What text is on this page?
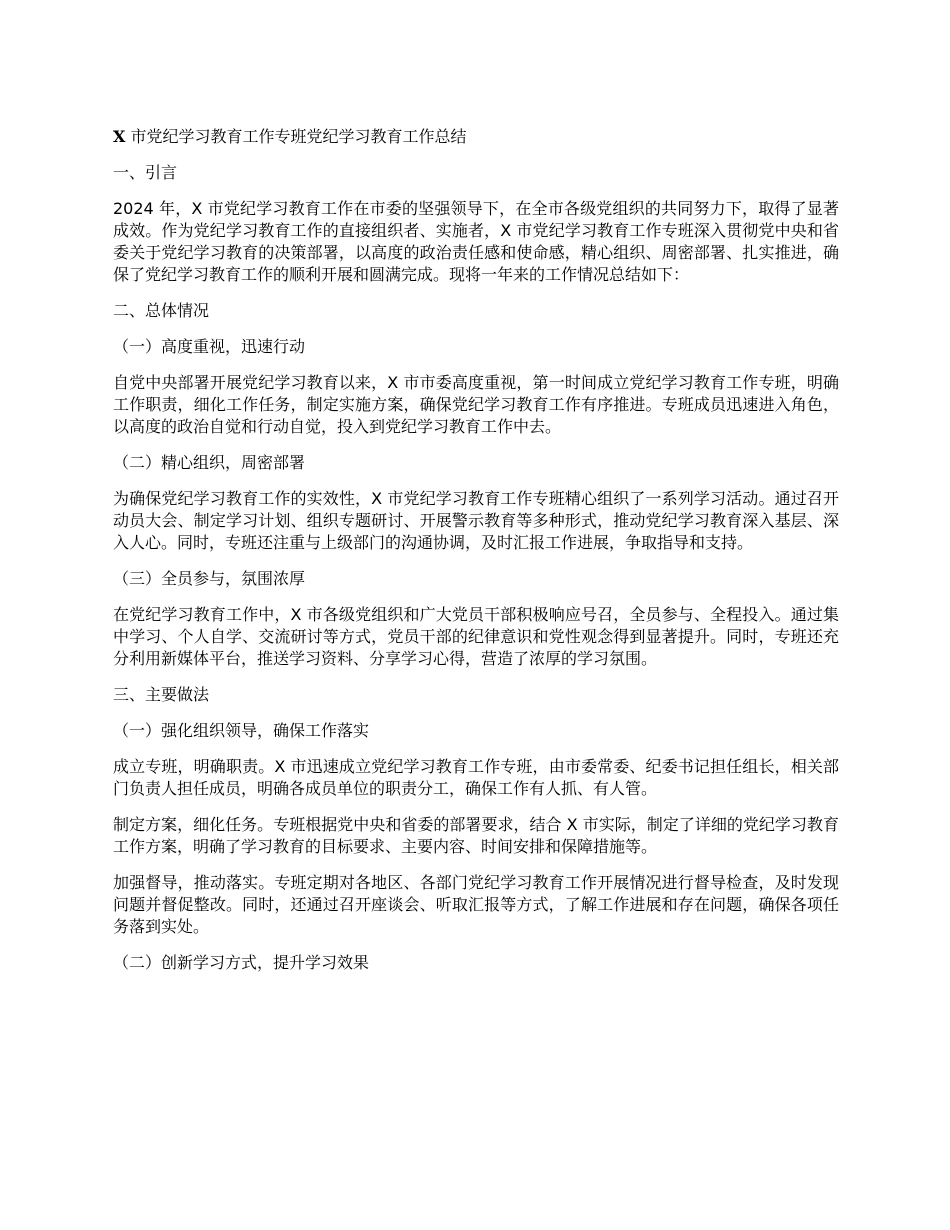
X 市党纪学习教育工作专班党纪学习教育工作总结
一、引言
2024 年，X 市党纪学习教育工作在市委的坚强领导下，在全市各级党组织的共同努力下，取得了显著成效。作为党纪学习教育工作的直接组织者、实施者，X 市党纪学习教育工作专班深入贯彻党中央和省委关于党纪学习教育的决策部署，以高度的政治责任感和使命感，精心组织、周密部署、扎实推进，确保了党纪学习教育工作的顺利开展和圆满完成。现将一年来的工作情况总结如下：
二、总体情况
（一）高度重视，迅速行动
自党中央部署开展党纪学习教育以来，X 市市委高度重视，第一时间成立党纪学习教育工作专班，明确工作职责，细化工作任务，制定实施方案，确保党纪学习教育工作有序推进。专班成员迅速进入角色，以高度的政治自觉和行动自觉，投入到党纪学习教育工作中去。
（二）精心组织，周密部署
为确保党纪学习教育工作的实效性，X 市党纪学习教育工作专班精心组织了一系列学习活动。通过召开动员大会、制定学习计划、组织专题研讨、开展警示教育等多种形式，推动党纪学习教育深入基层、深入人心。同时，专班还注重与上级部门的沟通协调，及时汇报工作进展，争取指导和支持。
（三）全员参与，氛围浓厚
在党纪学习教育工作中，X 市各级党组织和广大党员干部积极响应号召，全员参与、全程投入。通过集中学习、个人自学、交流研讨等方式，党员干部的纪律意识和党性观念得到显著提升。同时，专班还充分利用新媒体平台，推送学习资料、分享学习心得，营造了浓厚的学习氛围。
三、主要做法
（一）强化组织领导，确保工作落实
成立专班，明确职责。X 市迅速成立党纪学习教育工作专班，由市委常委、纪委书记担任组长，相关部门负责人担任成员，明确各成员单位的职责分工，确保工作有人抓、有人管。
制定方案，细化任务。专班根据党中央和省委的部署要求，结合 X 市实际，制定了详细的党纪学习教育工作方案，明确了学习教育的目标要求、主要内容、时间安排和保障措施等。
加强督导，推动落实。专班定期对各地区、各部门党纪学习教育工作开展情况进行督导检查，及时发现问题并督促整改。同时，还通过召开座谈会、听取汇报等方式，了解工作进展和存在问题，确保各项任务落到实处。
（二）创新学习方式，提升学习效果
